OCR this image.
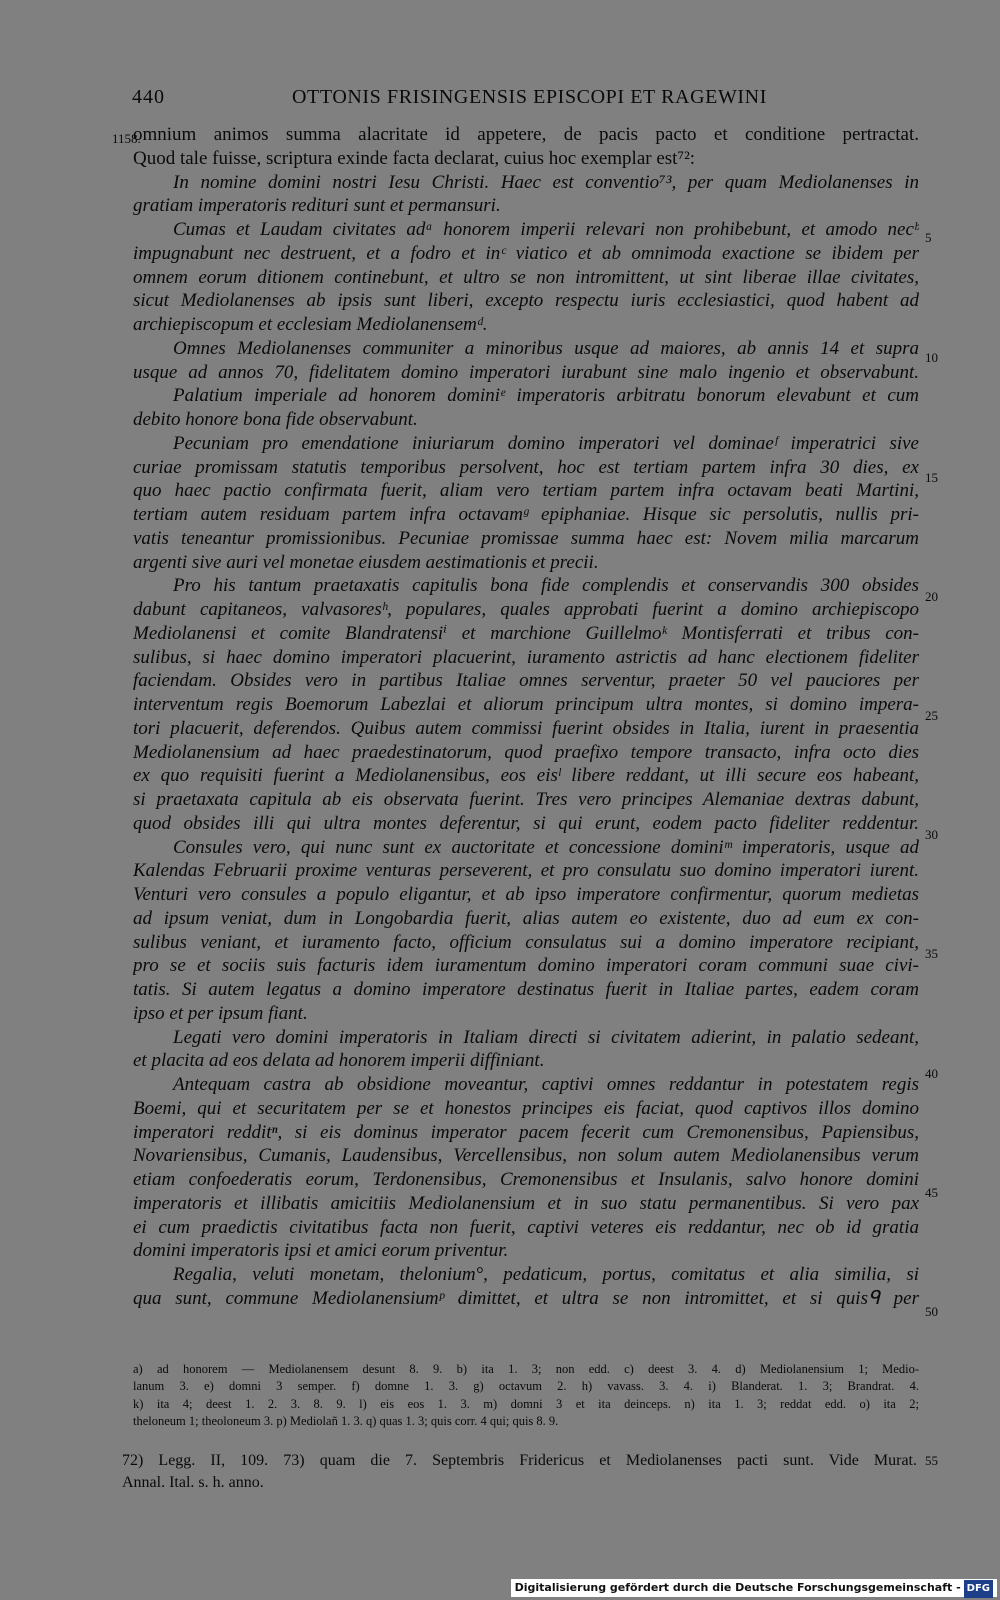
440	OTTONIS FRISINGENSIS EPISCOPI ET RAGEWINI
1158.
omnium animos summa alacritate id appetere, de pacis pacto et conditione pertractat.
Quod tale fuisse, scriptura exinde facta declarat, cuius hoc exemplar est⁷²:
In nomine domini nostri Iesu Christi. Haec est conventio⁷³, per quam Mediolanenses in
gratiam imperatoris redituri sunt et permansuri.
Cumas et Laudam civitates adᵃ honorem imperii relevari non prohibebunt, et amodo necᵇ
impugnabunt nec destruent, et a fodro et inᶜ viatico et ab omnimoda exactione se ibidem per
omnem eorum ditionem continebunt, et ultro se non intromittent, ut sint liberae illae civitates,
sicut Mediolanenses ab ipsis sunt liberi, excepto respectu iuris ecclesiastici, quod habent ad
archiepiscopum et ecclesiam Mediolanensemᵈ.
Omnes Mediolanenses communiter a minoribus usque ad maiores, ab annis 14 et supra
usque ad annos 70, fidelitatem domino imperatori iurabunt sine malo ingenio et observabunt.
Palatium imperiale ad honorem dominiᵉ imperatoris arbitratu bonorum elevabunt et cum
debito honore bona fide observabunt.
Pecuniam pro emendatione iniuriarum domino imperatori vel dominaeᶠ imperatrici sive
curiae promissam statutis temporibus persolvent, hoc est tertiam partem infra 30 dies, ex
quo haec pactio confirmata fuerit, aliam vero tertiam partem infra octavam beati Martini,
tertiam autem residuam partem infra octavamᵍ epiphaniae. Hisque sic persolutis, nullis pri-
vatis teneantur promissionibus. Pecuniae promissae summa haec est: Novem milia marcarum
argenti sive auri vel monetae eiusdem aestimationis et precii.
Pro his tantum praetaxatis capitulis bona fide complendis et conservandis 300 obsides
dabunt capitaneos, valvasoresʰ, populares, quales approbati fuerint a domino archiepiscopo
Mediolanensi et comite Blandratensiⁱ et marchione Guillelmoᵏ Montisferrati et tribus con-
sulibus, si haec domino imperatori placuerint, iuramento astrictis ad hanc electionem fideliter
faciendam. Obsides vero in partibus Italiae omnes serventur, praeter 50 vel pauciores per
interventum regis Boemorum Labezlai et aliorum principum ultra montes, si domino impera-
tori placuerit, deferendos. Quibus autem commissi fuerint obsides in Italia, iurent in praesentia
Mediolanensium ad haec praedestinatorum, quod praefixo tempore transacto, infra octo dies
ex quo requisiti fuerint a Mediolanensibus, eos eisˡ libere reddant, ut illi secure eos habeant,
si praetaxata capitula ab eis observata fuerint. Tres vero principes Alemaniae dextras dabunt,
quod obsides illi qui ultra montes deferentur, si qui erunt, eodem pacto fideliter reddentur.
Consules vero, qui nunc sunt ex auctoritate et concessione dominiᵐ imperatoris, usque ad
Kalendas Februarii proxime venturas perseverent, et pro consulatu suo domino imperatori iurent.
Venturi vero consules a populo eligantur, et ab ipso imperatore confirmentur, quorum medietas
ad ipsum veniat, dum in Longobardia fuerit, alias autem eo existente, duo ad eum ex con-
sulibus veniant, et iuramento facto, officium consulatus sui a domino imperatore recipiant,
pro se et sociis suis facturis idem iuramentum domino imperatori coram communi suae civi-
tatis. Si autem legatus a domino imperatore destinatus fuerit in Italiae partes, eadem coram
ipso et per ipsum fiant.
Legati vero domini imperatoris in Italiam directi si civitatem adierint, in palatio sedeant,
et placita ad eos delata ad honorem imperii diffiniant.
Antequam castra ab obsidione moveantur, captivi omnes reddantur in potestatem regis
Boemi, qui et securitatem per se et honestos principes eis faciat, quod captivos illos domino
imperatori redditⁿ, si eis dominus imperator pacem fecerit cum Cremonensibus, Papiensibus,
Novariensibus, Cumanis, Laudensibus, Vercellensibus, non solum autem Mediolanensibus verum
etiam confoederatis eorum, Terdonensibus, Cremonensibus et Insulanis, salvo honore domini
imperatoris et illibatis amicitiis Mediolanensium et in suo statu permanentibus. Si vero pax
ei cum praedictis civitatibus facta non fuerit, captivi veteres eis reddantur, nec ob id gratia
domini imperatoris ipsi et amici eorum priventur.
Regalia, veluti monetam, thelonium°, pedaticum, portus, comitatus et alia similia, si
qua sunt, commune Mediolanensiumᵖ dimittet, et ultra se non intromittet, et si quisᑫ per
5
10
15
20
25
30
35
40
45
50
a) ad honorem — Mediolanensem desunt 8. 9. b) ita 1. 3; non edd. c) deest 3. 4. d) Mediolanensium 1; Medio-
lanum 3. e) domni 3 semper. f) domne 1. 3. g) octavum 2. h) vavass. 3. 4. i) Blanderat. 1. 3; Brandrat. 4.
k) ita 4; deest 1. 2. 3. 8. 9. l) eis eos 1. 3. m) domni 3 et ita deinceps. n) ita 1. 3; reddat edd. o) ita 2;
theloneum 1; theoloneum 3. p) Mediolañ 1. 3. q) quas 1. 3; quis corr. 4 qui; quis 8. 9.
72) Legg. II, 109. 73) quam die 7. Septembris Fridericus et Mediolanenses pacti sunt. Vide Murat.
Annal. Ital. s. h. anno.
55
Digitalisierung gefördert durch die Deutsche Forschungsgemeinschaft - DFG
